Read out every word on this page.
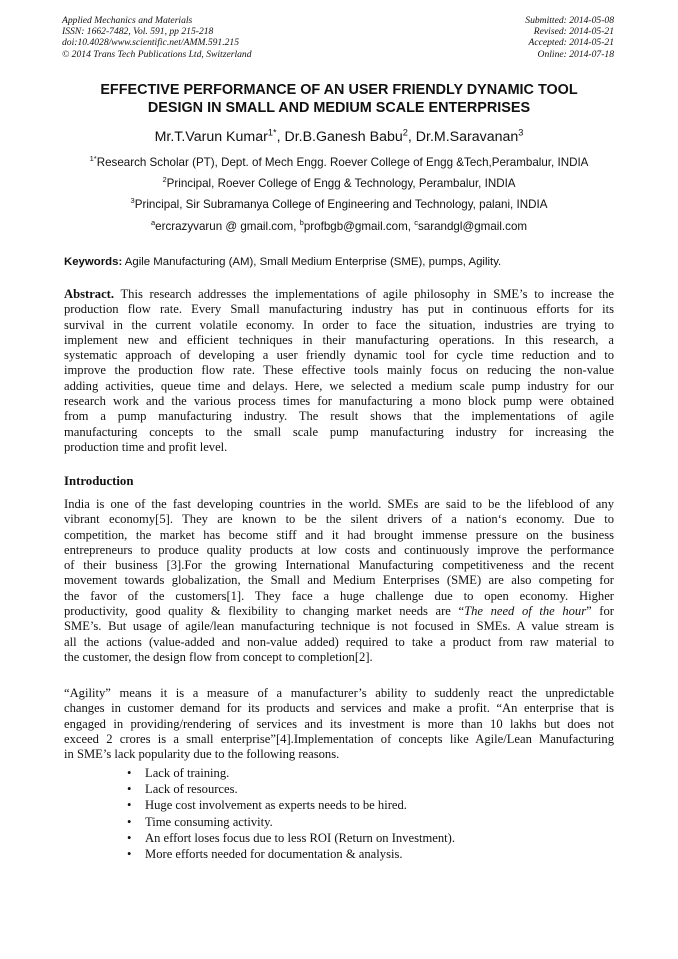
Applied Mechanics and Materials
ISSN: 1662-7482, Vol. 591, pp 215-218
doi:10.4028/www.scientific.net/AMM.591.215
© 2014 Trans Tech Publications Ltd, Switzerland
Submitted: 2014-05-08
Revised: 2014-05-21
Accepted: 2014-05-21
Online: 2014-07-18
EFFECTIVE PERFORMANCE OF AN USER FRIENDLY DYNAMIC TOOL
DESIGN IN SMALL AND MEDIUM SCALE ENTERPRISES
Mr.T.Varun Kumar$^{1*}$, Dr.B.Ganesh Babu$^2$, Dr.M.Saravanan$^3$
$^{1*}$Research Scholar (PT), Dept. of Mech Engg. Roever College of Engg &Tech,Perambalur, INDIA
$^2$Principal, Roever College of Engg & Technology, Perambalur, INDIA
$^3$Principal, Sir Subramanya College of Engineering and Technology, palani, INDIA
$^a$ercrazyvarun @ gmail.com, $^b$profbgb@gmail.com, $^c$sarandgl@gmail.com
Keywords: Agile Manufacturing (AM), Small Medium Enterprise (SME), pumps, Agility.
Abstract. This research addresses the implementations of agile philosophy in SME’s to increase the
production flow rate. Every Small manufacturing industry has put in continuous efforts for its
survival in the current volatile economy. In order to face the situation, industries are trying to
implement new and efficient techniques in their manufacturing operations. In this research, a
systematic approach of developing a user friendly dynamic tool for cycle time reduction and to
improve the production flow rate. These effective tools mainly focus on reducing the non-value
adding activities, queue time and delays. Here, we selected a medium scale pump industry for our
research work and the various process times for manufacturing a mono block pump were obtained
from a pump manufacturing industry. The result shows that the implementations of agile
manufacturing concepts to the small scale pump manufacturing industry for increasing the
production time and profit level.
Introduction
India is one of the fast developing countries in the world. SMEs are said to be the lifeblood of any
vibrant economy[5]. They are known to be the silent drivers of a nation‘s economy. Due to
competition, the market has become stiff and it had brought immense pressure on the business
entrepreneurs to produce quality products at low costs and continuously improve the performance
of their business [3].For the growing International Manufacturing competitiveness and the recent
movement towards globalization, the Small and Medium Enterprises (SME) are also competing for
the favor of the customers[1]. They face a huge challenge due to open economy. Higher
productivity, good quality & flexibility to changing market needs are “The need of the hour” for
SME’s. But usage of agile/lean manufacturing technique is not focused in SMEs. A value stream is
all the actions (value-added and non-value added) required to take a product from raw material to
the customer, the design flow from concept to completion[2].
“Agility” means it is a measure of a manufacturer’s ability to suddenly react the unpredictable
changes in customer demand for its products and services and make a profit. “An enterprise that is
engaged in providing/rendering of services and its investment is more than 10 lakhs but does not
exceed 2 crores is a small enterprise”[4].Implementation of concepts like Agile/Lean Manufacturing
in SME’s lack popularity due to the following reasons.
•	Lack of training.
•	Lack of resources.
•	Huge cost involvement as experts needs to be hired.
•	Time consuming activity.
•	An effort loses focus due to less ROI (Return on Investment).
•	More efforts needed for documentation & analysis.
